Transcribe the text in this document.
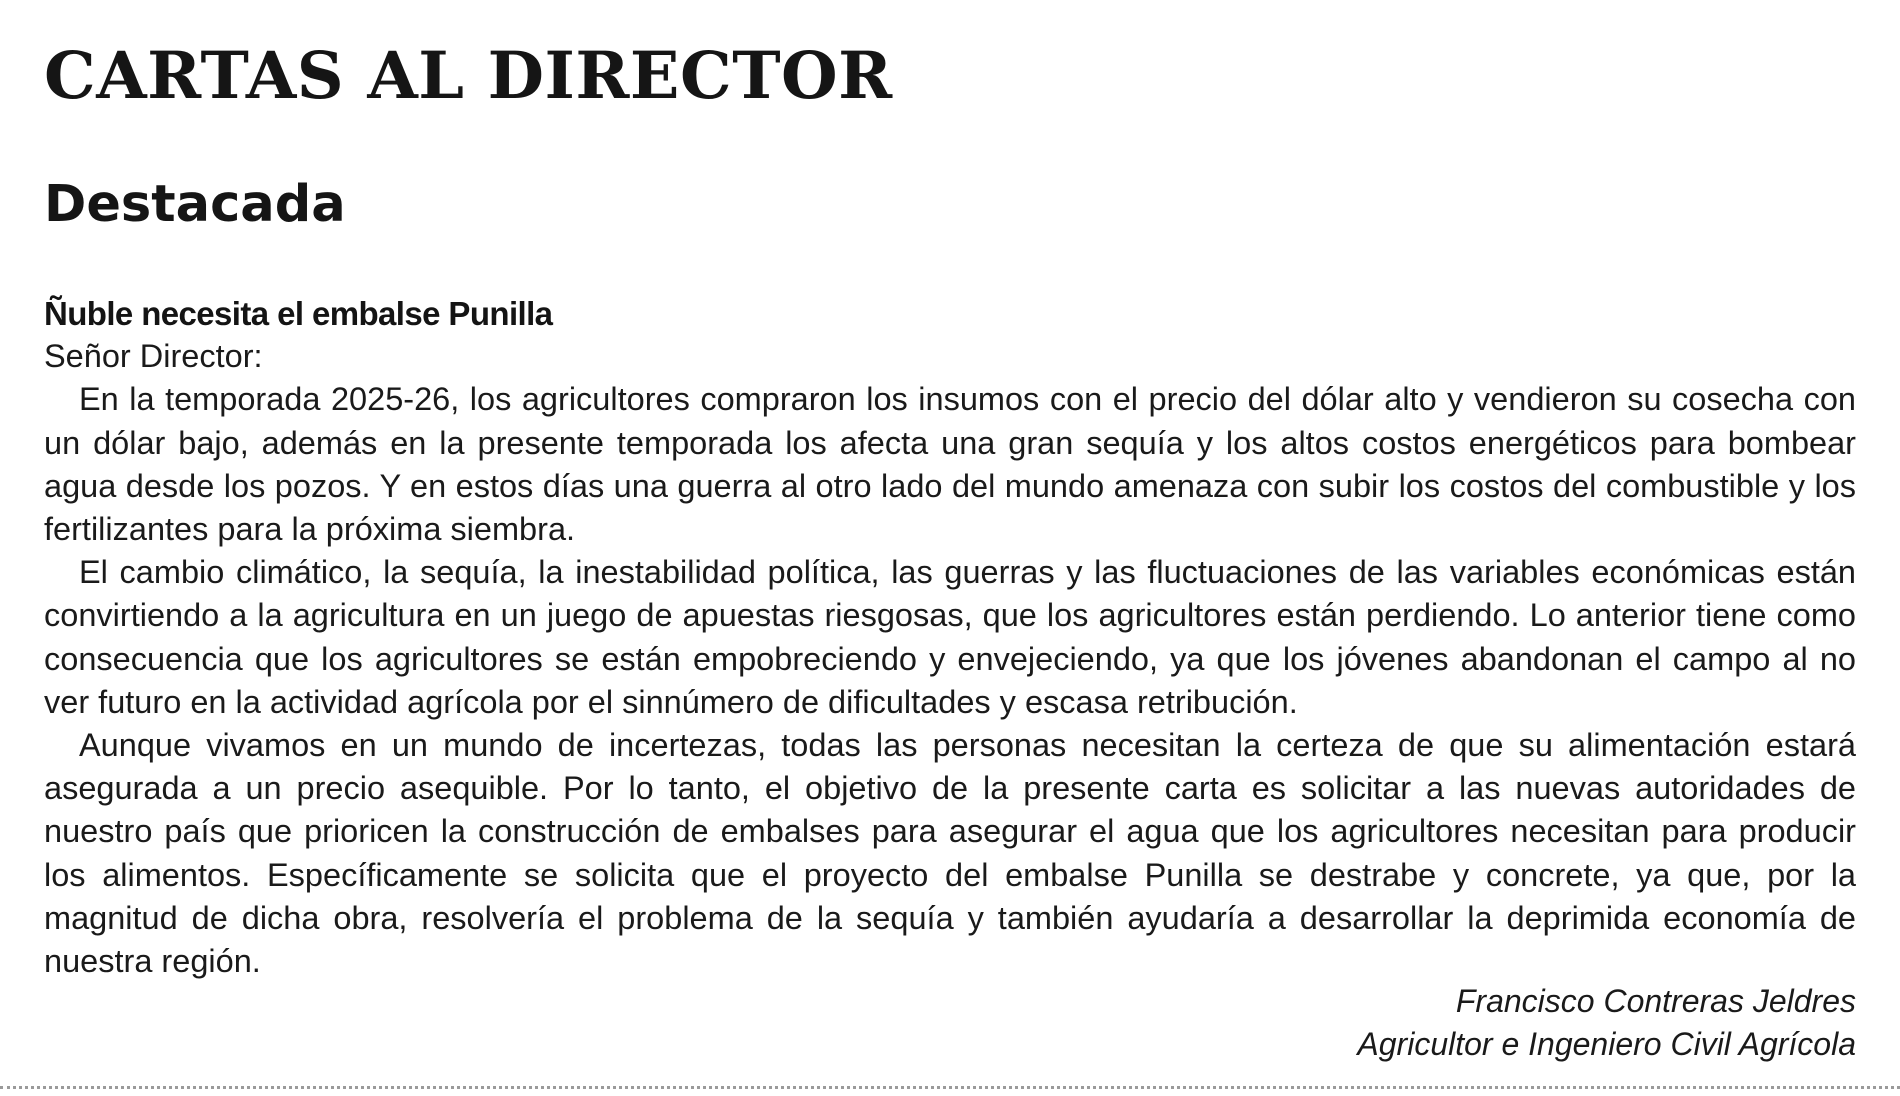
CARTAS AL DIRECTOR
Destacada
Ñuble necesita el embalse Punilla

Señor Director:

En la temporada 2025-26, los agricultores compraron los insumos con el precio del dólar alto y vendieron su cosecha con un dólar bajo, además en la presente temporada los afecta una gran sequía y los altos costos energéticos para bombear agua desde los pozos. Y en estos días una guerra al otro lado del mundo amenaza con subir los costos del combustible y los fertilizantes para la próxima siembra.

El cambio climático, la sequía, la inestabilidad política, las guerras y las fluctuaciones de las variables económicas están convirtiendo a la agricultura en un juego de apuestas riesgosas, que los agricultores están perdiendo. Lo anterior tiene como consecuencia que los agricultores se están empobreciendo y envejeciendo, ya que los jóvenes abandonan el campo al no ver futuro en la actividad agrícola por el sinnúmero de dificultades y escasa retribución.

Aunque vivamos en un mundo de incertezas, todas las personas necesitan la certeza de que su alimentación estará asegurada a un precio asequible. Por lo tanto, el objetivo de la presente carta es solicitar a las nuevas autoridades de nuestro país que prioricen la construcción de embalses para asegurar el agua que los agricultores necesitan para producir los alimentos. Específicamente se solicita que el proyecto del embalse Punilla se destrabe y concrete, ya que, por la magnitud de dicha obra, resolvería el problema de la sequía y también ayudaría a desarrollar la deprimida economía de nuestra región.

Francisco Contreras Jeldres
Agricultor e Ingeniero Civil Agrícola
